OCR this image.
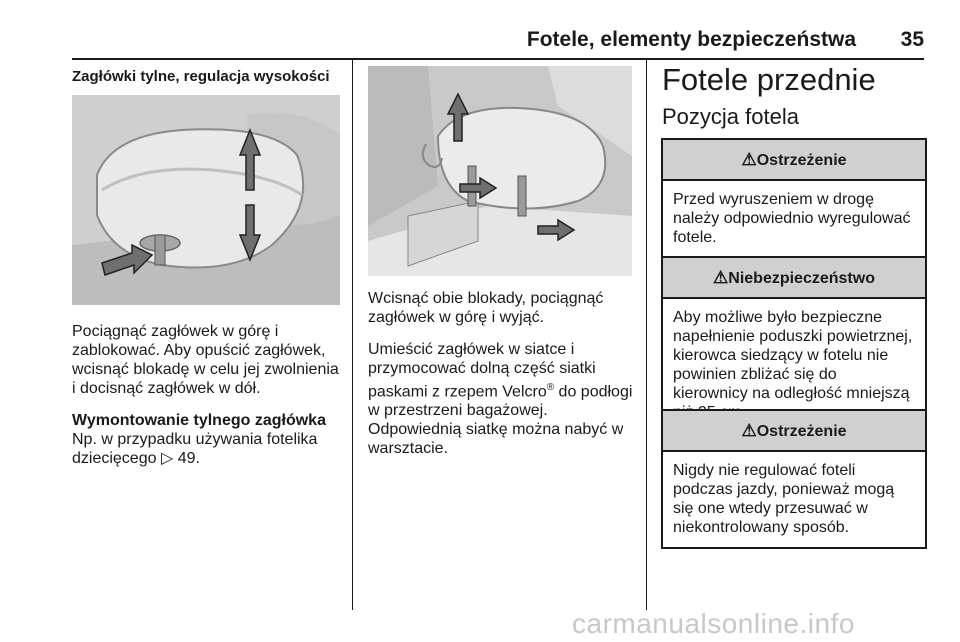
Fotele, elementy bezpieczeństwa 35
Zagłówki tylne, regulacja wysokości

Pociągnąć zagłówek w górę i zablokować. Aby opuścić zagłówek, wcisnąć blokadę w celu jej zwolnienia i docisnąć zagłówek w dół.

Wymontowanie tylnego zagłówka

Np. w przypadku używania fotelika dziecięcego ▷ 49.

Wcisnąć obie blokady, pociągnąć zagłówek w górę i wyjąć.

Umieścić zagłówek w siatce i przymocować dolną część siatki paskami z rzepem Velcro® do podłogi w przestrzeni bagażowej. Odpowiednią siatkę można nabyć w warsztacie.

Fotele przednie
Pozycja fotela
⚠Ostrzeżenie
Przed wyruszeniem w drogę należy odpowiednio wyregulować fotele.
⚠Niebezpieczeństwo
Aby możliwe było bezpieczne napełnienie poduszki powietrznej, kierowca siedzący w fotelu nie powinien zbliżać się do kierownicy na odległość mniejszą
⚠Ostrzeżenie
Nigdy nie regulować foteli podczas jazdy, ponieważ mogą się one wtedy przesuwać w niekontrolowany sposób.
carmanualsonline.info
